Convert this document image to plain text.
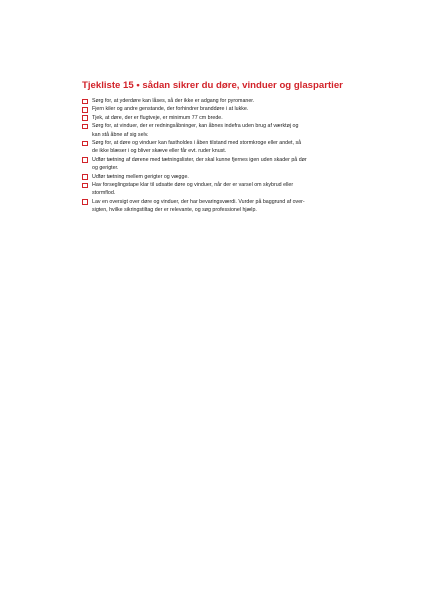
Tjekliste 15 • sådan sikrer du døre, vinduer og glaspartier
Sørg for, at yderdøre kan låses, så der ikke er adgang for pyromaner.
Fjern kiler og andre genstande, der forhindrer branddøre i at lukke.
Tjek, at døre, der er flugtveje, er minimum 77 cm brede.
Sørg for, at vinduer, der er redningsåbninger, kan åbnes indefra uden brug af værktøj og
kan stå åbne af sig selv.
Sørg for, at døre og vinduer kan fastholdes i åben tilstand med stormkroge eller andet, så
de ikke blæser i og bliver skæve eller får evt. ruder knust.
Udfør tætning af dørene med tætningslister, der skal kunne fjernes igen uden skader på dør
og gerigter.
Udfør tætning mellem gerigter og vægge.
Hav forseglingstape klar til udsatte døre og vinduer, når der er varsel om skybrud eller
stormflod.
Lav en oversigt over døre og vinduer, der har bevaringsværdi. Vurder på baggrund af over-
sigten, hvilke sikringstiltag der er relevante, og søg professionel hjælp.
